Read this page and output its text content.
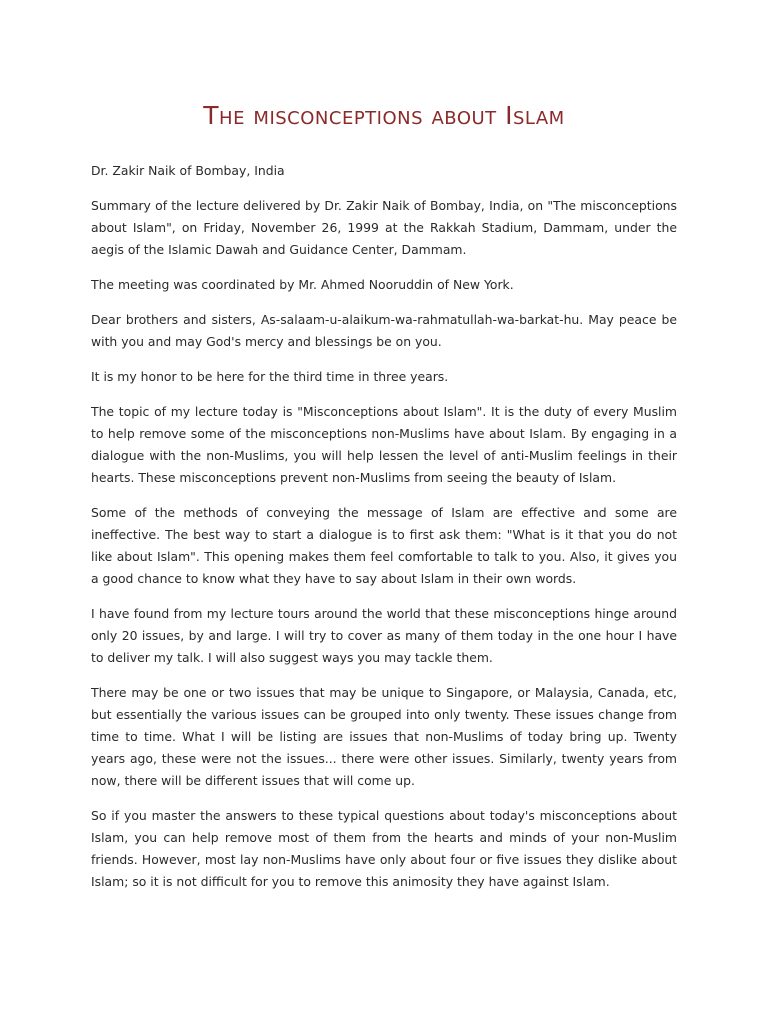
The misconceptions about Islam

Dr. Zakir Naik of Bombay, India

Summary of the lecture delivered by Dr. Zakir Naik of Bombay, India, on "The misconceptions about Islam", on Friday, November 26, 1999 at the Rakkah Stadium, Dammam, under the aegis of the Islamic Dawah and Guidance Center, Dammam.

The meeting was coordinated by Mr. Ahmed Nooruddin of New York.

Dear brothers and sisters, As-salaam-u-alaikum-wa-rahmatullah-wa-barkat-hu. May peace be with you and may God's mercy and blessings be on you.

It is my honor to be here for the third time in three years.

The topic of my lecture today is "Misconceptions about Islam". It is the duty of every Muslim to help remove some of the misconceptions non-Muslims have about Islam. By engaging in a dialogue with the non-Muslims, you will help lessen the level of anti-Muslim feelings in their hearts. These misconceptions prevent non-Muslims from seeing the beauty of Islam.

Some of the methods of conveying the message of Islam are effective and some are ineffective. The best way to start a dialogue is to first ask them: "What is it that you do not like about Islam". This opening makes them feel comfortable to talk to you. Also, it gives you a good chance to know what they have to say about Islam in their own words.

I have found from my lecture tours around the world that these misconceptions hinge around only 20 issues, by and large. I will try to cover as many of them today in the one hour I have to deliver my talk. I will also suggest ways you may tackle them.

There may be one or two issues that may be unique to Singapore, or Malaysia, Canada, etc, but essentially the various issues can be grouped into only twenty. These issues change from time to time. What I will be listing are issues that non-Muslims of today bring up. Twenty years ago, these were not the issues... there were other issues. Similarly, twenty years from now, there will be different issues that will come up.

So if you master the answers to these typical questions about today's misconceptions about Islam, you can help remove most of them from the hearts and minds of your non-Muslim friends. However, most lay non-Muslims have only about four or five issues they dislike about Islam; so it is not difficult for you to remove this animosity they have against Islam.
